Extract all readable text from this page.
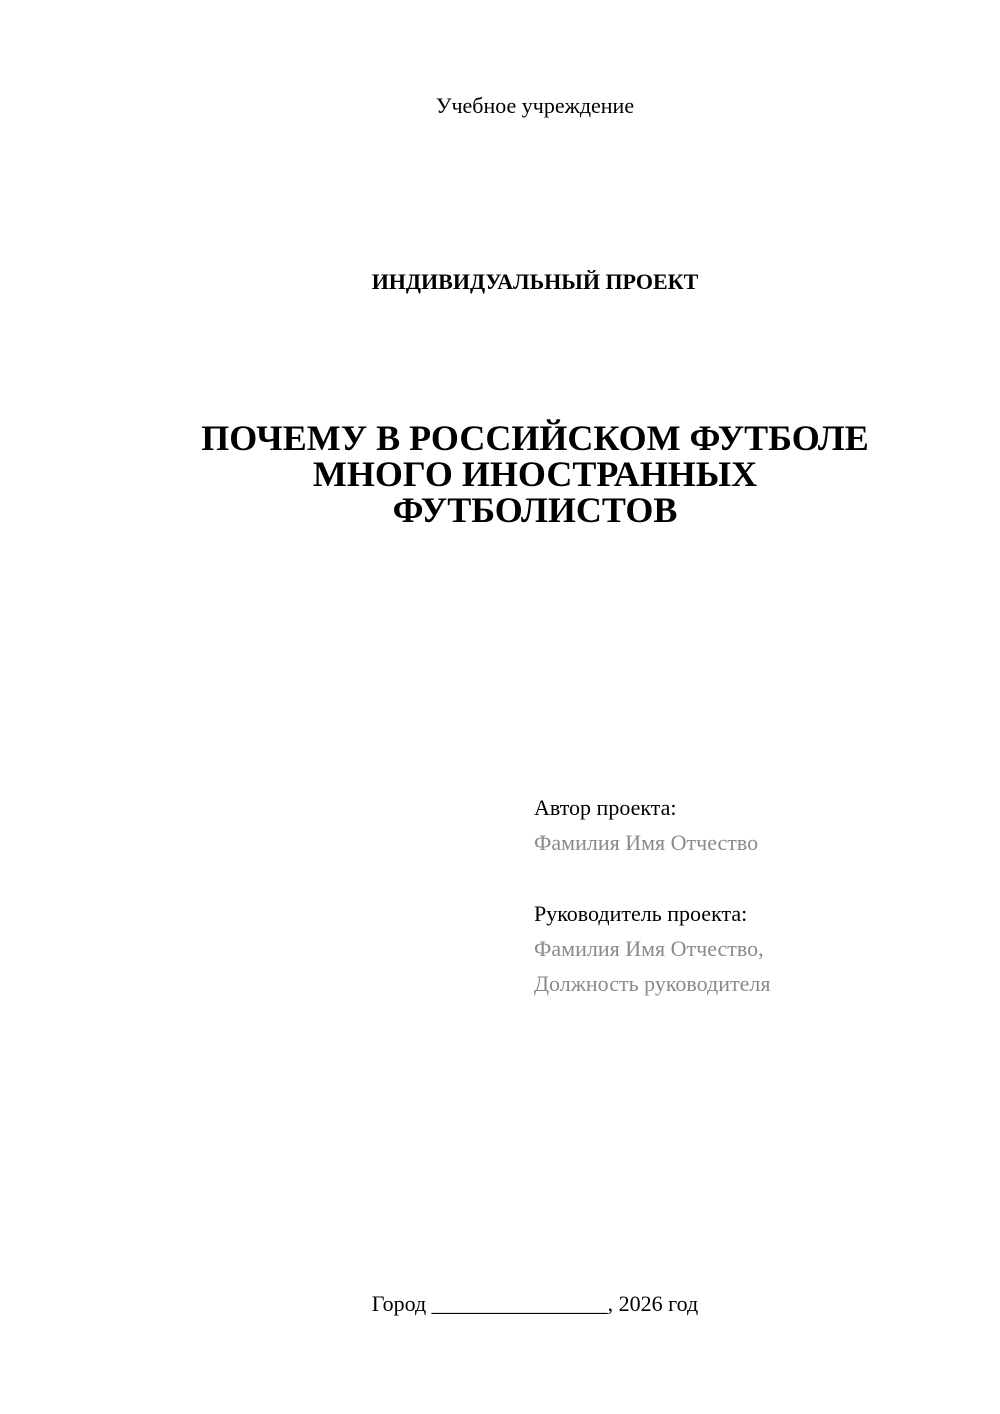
Учебное учреждение
ИНДИВИДУАЛЬНЫЙ ПРОЕКТ
ПОЧЕМУ В РОССИЙСКОМ ФУТБОЛЕ
МНОГО ИНОСТРАННЫХ
ФУТБОЛИСТОВ
Автор проекта:
Фамилия Имя Отчество
Руководитель проекта:
Фамилия Имя Отчество,
Должность руководителя
Город ________________, 2026 год
